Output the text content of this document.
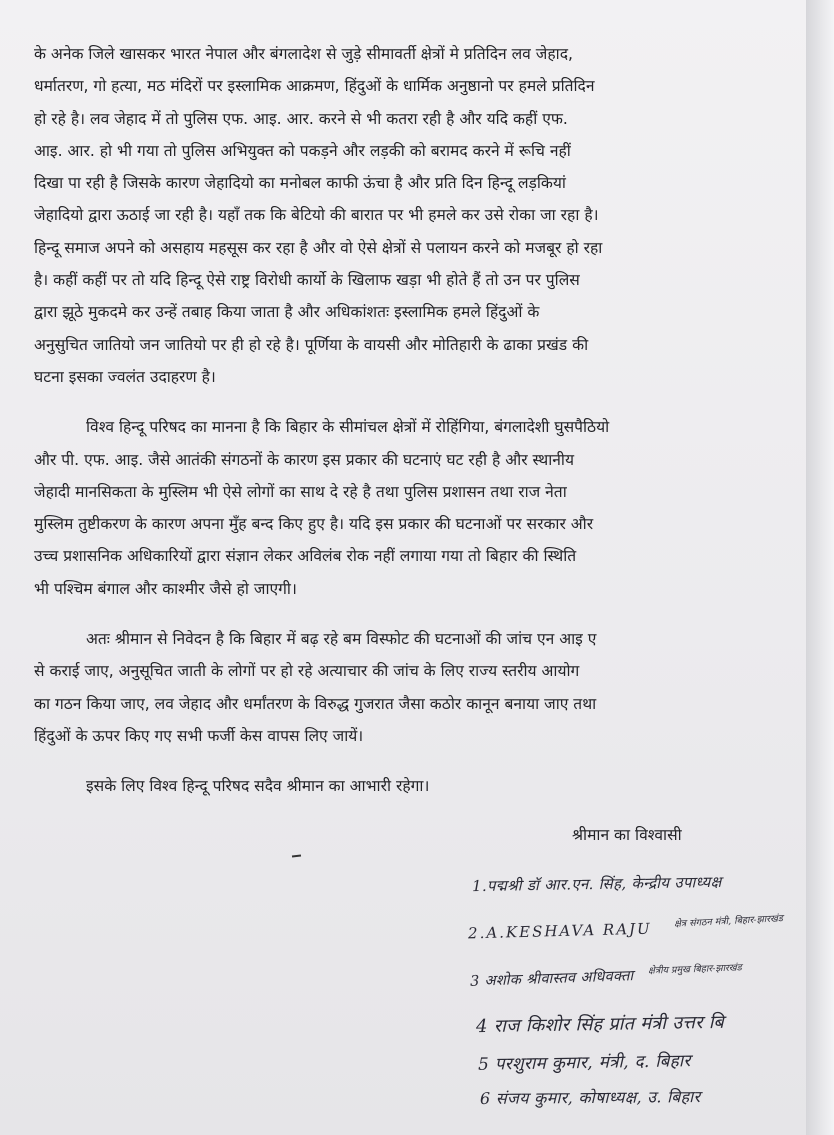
के अनेक जिले खासकर भारत नेपाल और बंगलादेश से जुड़े सीमावर्ती क्षेत्रों मे प्रतिदिन लव जेहाद,
धर्मातरण, गो हत्या, मठ मंदिरों पर इस्लामिक आक्रमण, हिंदुओं के धार्मिक अनुष्ठानो पर हमले प्रतिदिन
हो रहे है। लव जेहाद में तो पुलिस एफ. आइ. आर. करने से भी कतरा रही है और यदि कहीं एफ.
आइ. आर. हो भी गया तो पुलिस अभियुक्त को पकड़ने और लड़की को बरामद करने में रूचि नहीं
दिखा पा रही है जिसके कारण जेहादियो का मनोबल काफी ऊंचा है और प्रति दिन हिन्दू लड़कियां
जेहादियो द्वारा ऊठाई जा रही है। यहाँ तक कि बेटियो की बारात पर भी हमले कर उसे रोका जा रहा है।
हिन्दू समाज अपने को असहाय महसूस कर रहा है और वो ऐसे क्षेत्रों से पलायन करने को मजबूर हो रहा
है। कहीं कहीं पर तो यदि हिन्दू ऐसे राष्ट्र विरोधी कार्यो के खिलाफ खड़ा भी होते हैं तो उन पर पुलिस
द्वारा झूठे मुकदमे कर उन्हें तबाह किया जाता है और अधिकांशतः इस्लामिक हमले हिंदुओं के
अनुसुचित जातियो जन जातियो पर ही हो रहे है। पूर्णिया के वायसी और मोतिहारी के ढाका प्रखंड की
घटना इसका ज्वलंत उदाहरण है।
विश्व हिन्दू परिषद का मानना है कि बिहार के सीमांचल क्षेत्रों में रोहिंगिया, बंगलादेशी घुसपैठियो
और पी. एफ. आइ. जैसे आतंकी संगठनों के कारण इस प्रकार की घटनाएं घट रही है और स्थानीय
जेहादी मानसिकता के मुस्लिम भी ऐसे लोगों का साथ दे रहे है तथा पुलिस प्रशासन तथा राज नेता
मुस्लिम तुष्टीकरण के कारण अपना मुँह बन्द किए हुए है। यदि इस प्रकार की घटनाओं पर सरकार और
उच्च प्रशासनिक अधिकारियों द्वारा संज्ञान लेकर अविलंब रोक नहीं लगाया गया तो बिहार की स्थिति
भी पश्चिम बंगाल और काश्मीर जैसे हो जाएगी।
अतः श्रीमान से निवेदन है कि बिहार में बढ़ रहे बम विस्फोट की घटनाओं की जांच एन आइ ए
से कराई जाए, अनुसूचित जाती के लोगों पर हो रहे अत्याचार की जांच के लिए राज्य स्तरीय आयोग
का गठन किया जाए, लव जेहाद और धर्मांतरण के विरुद्ध गुजरात जैसा कठोर कानून बनाया जाए तथा
हिंदुओं के ऊपर किए गए सभी फर्जी केस वापस लिए जायें।
इसके लिए विश्व हिन्दू परिषद सदैव श्रीमान का आभारी रहेगा।
श्रीमान का विश्वासी
1.पद्मश्री डॉ आर.एन. सिंह, केन्द्रीय उपाध्यक्ष
2.A.KESHAVA RAJU क्षेत्र संगठन मंत्री, बिहार-झारखंड
3 अशोक श्रीवास्तव अधिवक्ता क्षेत्रीय प्रमुख बिहार-झारखंड
4 राज किशोर सिंह प्रांत मंत्री उत्तर बि
5 परशुराम कुमार, मंत्री, द. बिहार
6 संजय कुमार, कोषाध्यक्ष, उ. बिहार
